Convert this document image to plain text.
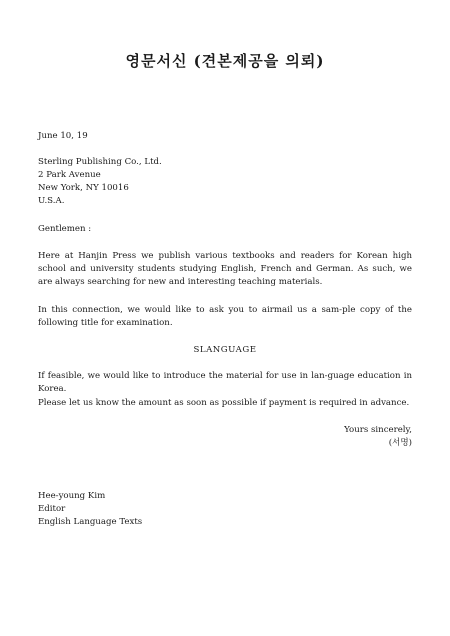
영문서신 (견본제공을 의뢰)
June 10, 19
Sterling Publishing Co., Ltd.
2 Park Avenue
New York, NY 10016
U.S.A.
Gentlemen :
Here at Hanjin Press we publish various textbooks and readers for Korean high school and university students studying English, French and German. As such, we are always searching for new and interesting teaching materials.
In this connection, we would like to ask you to airmail us a sam-ple copy of the following title for examination.
SLANGUAGE
If feasible, we would like to introduce the material for use in lan-guage education in Korea.
Please let us know the amount as soon as possible if payment is required in advance.
Yours sincerely,
(서명)
Hee-young Kim
Editor
English Language Texts
